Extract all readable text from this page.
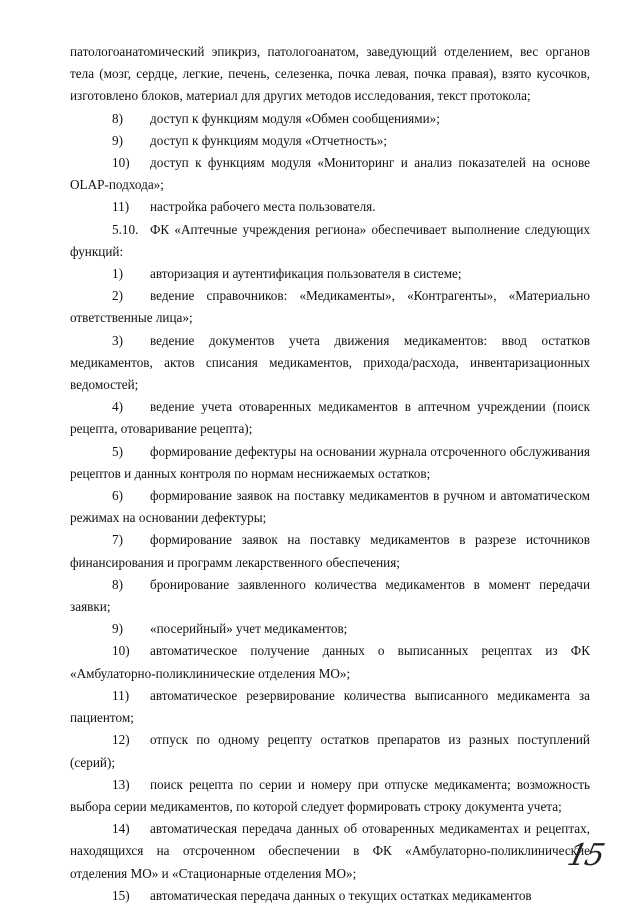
патологоанатомический эпикриз, патологоанатом, заведующий отделением, вес органов тела (мозг, сердце, легкие, печень, селезенка, почка левая, почка правая), взято кусочков, изготовлено блоков, материал для других методов исследования, текст протокола;

8) доступ к функциям модуля «Обмен сообщениями»;

9) доступ к функциям модуля «Отчетность»;

10) доступ к функциям модуля «Мониторинг и анализ показателей на основе OLAP-подхода»;

11) настройка рабочего места пользователя.

5.10. ФК «Аптечные учреждения региона» обеспечивает выполнение следующих функций:

1) авторизация и аутентификация пользователя в системе;

2) ведение справочников: «Медикаменты», «Контрагенты», «Материально ответственные лица»;

3) ведение документов учета движения медикаментов: ввод остатков медикаментов, актов списания медикаментов, прихода/расхода, инвентаризационных ведомостей;

4) ведение учета отоваренных медикаментов в аптечном учреждении (поиск рецепта, отоваривание рецепта);

5) формирование дефектуры на основании журнала отсроченного обслуживания рецептов и данных контроля по нормам неснижаемых остатков;

6) формирование заявок на поставку медикаментов в ручном и автоматическом режимах на основании дефектуры;

7) формирование заявок на поставку медикаментов в разрезе источников финансирования и программ лекарственного обеспечения;

8) бронирование заявленного количества медикаментов в момент передачи заявки;

9) «посерийный» учет медикаментов;

10) автоматическое получение данных о выписанных рецептах из ФК «Амбулаторно-поликлинические отделения МО»;

11) автоматическое резервирование количества выписанного медикамента за пациентом;

12) отпуск по одному рецепту остатков препаратов из разных поступлений (серий);

13) поиск рецепта по серии и номеру при отпуске медикамента; возможность выбора серии медикаментов, по которой следует формировать строку документа учета;

14) автоматическая передача данных об отоваренных медикаментах и рецептах, находящихся на отсроченном обеспечении в ФК «Амбулаторно-поликлинические отделения МО» и «Стационарные отделения МО»;

15) автоматическая передача данных о текущих остатках медикаментов

15
